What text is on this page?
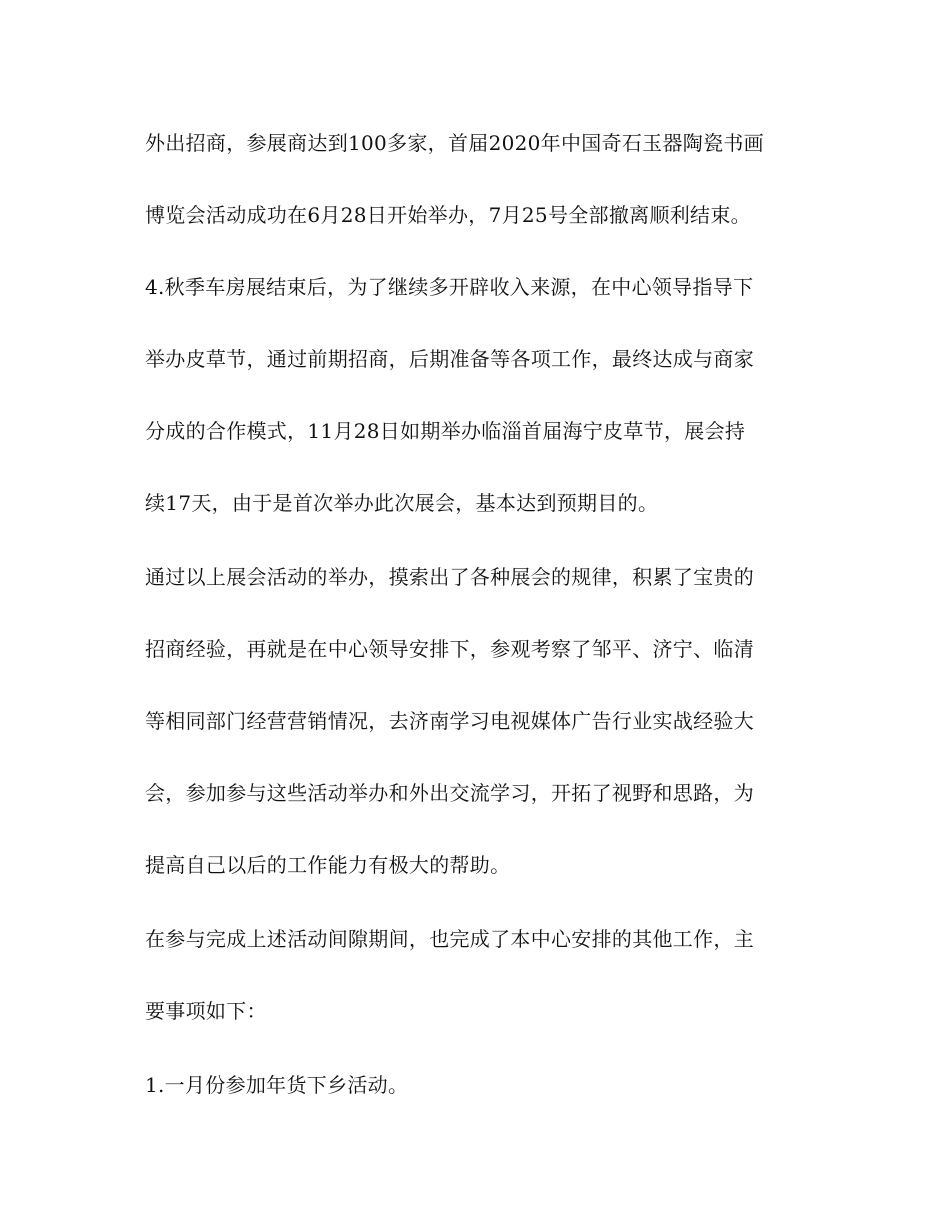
外出招商，参展商达到100多家，首届2020年中国奇石玉器陶瓷书画
博览会活动成功在6月28日开始举办，7月25号全部撤离顺利结束。
4.秋季车房展结束后，为了继续多开辟收入来源，在中心领导指导下
举办皮草节，通过前期招商，后期准备等各项工作，最终达成与商家
分成的合作模式，11月28日如期举办临淄首届海宁皮草节，展会持
续17天，由于是首次举办此次展会，基本达到预期目的。
通过以上展会活动的举办，摸索出了各种展会的规律，积累了宝贵的
招商经验，再就是在中心领导安排下，参观考察了邹平、济宁、临清
等相同部门经营营销情况，去济南学习电视媒体广告行业实战经验大
会，参加参与这些活动举办和外出交流学习，开拓了视野和思路，为
提高自己以后的工作能力有极大的帮助。
在参与完成上述活动间隙期间，也完成了本中心安排的其他工作，主
要事项如下：
1.一月份参加年货下乡活动。
